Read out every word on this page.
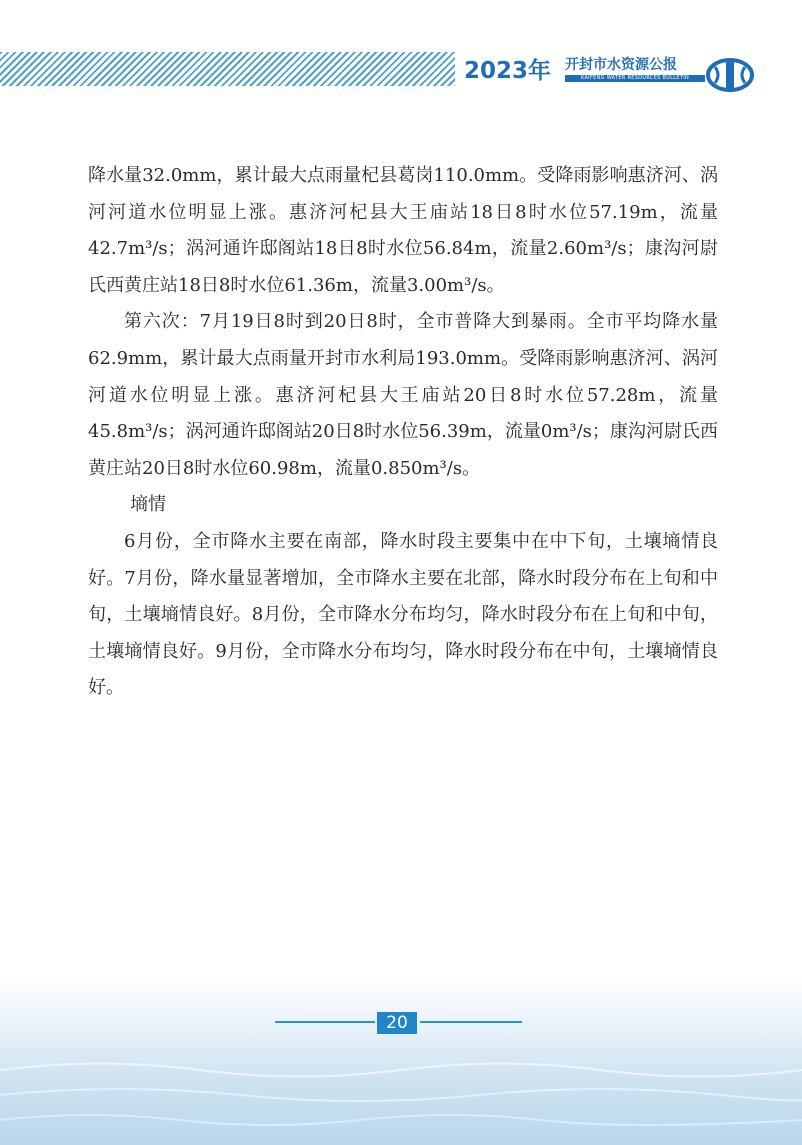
2023年 开封市水资源公报
KAIFENG WATER RESOURCES BULLETIN

降水量32.0mm，累计最大点雨量杞县葛岗110.0mm。受降雨影响惠济河、涡河河道水位明显上涨。惠济河杞县大王庙站18日8时水位57.19m，流量42.7m³/s；涡河通许邸阁站18日8时水位56.84m，流量2.60m³/s；康沟河尉氏西黄庄站18日8时水位61.36m，流量3.00m³/s。

第六次：7月19日8时到20日8时，全市普降大到暴雨。全市平均降水量62.9mm，累计最大点雨量开封市水利局193.0mm。受降雨影响惠济河、涡河河道水位明显上涨。惠济河杞县大王庙站20日8时水位57.28m，流量45.8m³/s；涡河通许邸阁站20日8时水位56.39m，流量0m³/s；康沟河尉氏西黄庄站20日8时水位60.98m，流量0.850m³/s。

墒情

6月份，全市降水主要在南部，降水时段主要集中在中下旬，土壤墒情良好。7月份，降水量显著增加，全市降水主要在北部，降水时段分布在上旬和中旬，土壤墒情良好。8月份，全市降水分布均匀，降水时段分布在上旬和中旬，土壤墒情良好。9月份，全市降水分布均匀，降水时段分布在中旬，土壤墒情良好。

20
